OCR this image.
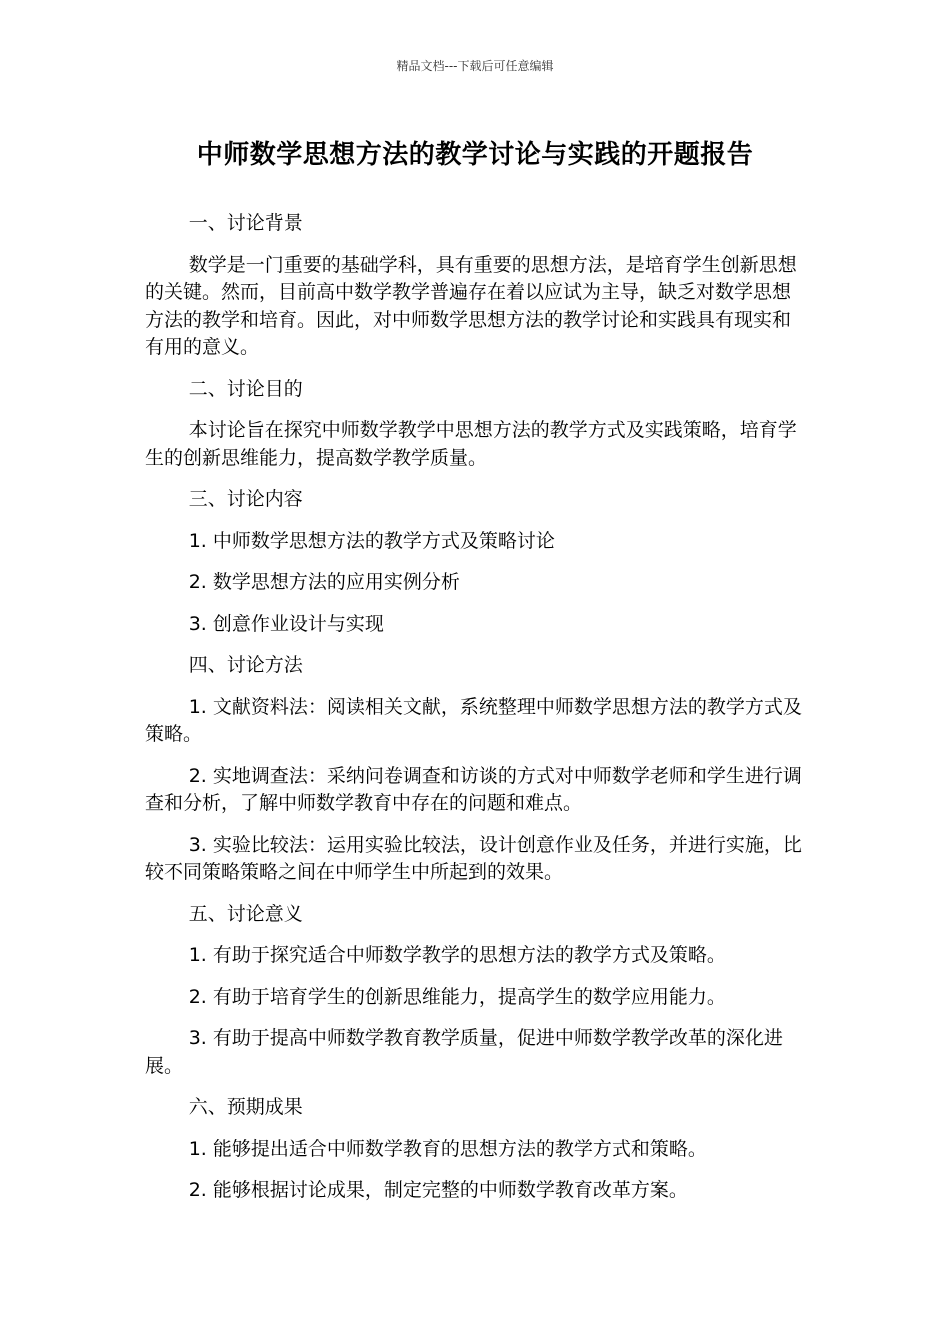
精品文档---下载后可任意编辑
中师数学思想方法的教学讨论与实践的开题报告

一、讨论背景

数学是一门重要的基础学科，具有重要的思想方法，是培育学生创新思想的关键。然而，目前高中数学教学普遍存在着以应试为主导，缺乏对数学思想方法的教学和培育。因此，对中师数学思想方法的教学讨论和实践具有现实和有用的意义。

二、讨论目的

本讨论旨在探究中师数学教学中思想方法的教学方式及实践策略，培育学生的创新思维能力，提高数学教学质量。

三、讨论内容

1. 中师数学思想方法的教学方式及策略讨论

2. 数学思想方法的应用实例分析

3. 创意作业设计与实现

四、讨论方法

1. 文献资料法：阅读相关文献，系统整理中师数学思想方法的教学方式及策略。

2. 实地调查法：采纳问卷调查和访谈的方式对中师数学老师和学生进行调查和分析，了解中师数学教育中存在的问题和难点。

3. 实验比较法：运用实验比较法，设计创意作业及任务，并进行实施，比较不同策略策略之间在中师学生中所起到的效果。

五、讨论意义

1. 有助于探究适合中师数学教学的思想方法的教学方式及策略。

2. 有助于培育学生的创新思维能力，提高学生的数学应用能力。

3. 有助于提高中师数学教育教学质量，促进中师数学教学改革的深化进展。

六、预期成果

1. 能够提出适合中师数学教育的思想方法的教学方式和策略。

2. 能够根据讨论成果，制定完整的中师数学教育改革方案。
